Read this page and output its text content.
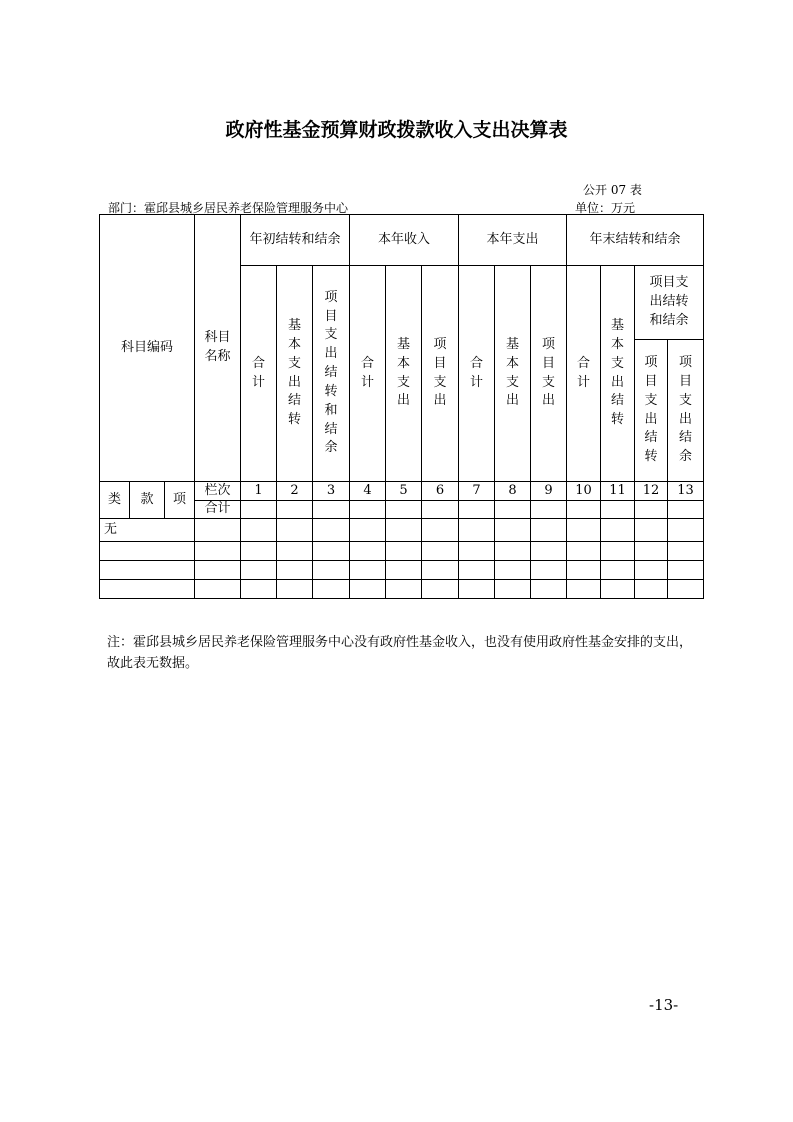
政府性基金预算财政拨款收入支出决算表
公开 07 表
部门：霍邱县城乡居民养老保险管理服务中心	单位：万元
科目编码			科目名称	年初结转和结余			本年收入			本年支出			年末结转和结余			
				合计	基本支出结转	项目支出结转和结余	合计	基本支出	项目支出	合计	基本支出	项目支出	合计	基本支出结转	项目支出结转和结余	
															项目支出结转	项目支出结余
类	款	项	栏次	1	2	3	4	5	6	7	8	9	10	11	12	13
			合计													
无																

注：霍邱县城乡居民养老保险管理服务中心没有政府性基金收入，也没有使用政府性基金安排的支出，故此表无数据。
-13-
